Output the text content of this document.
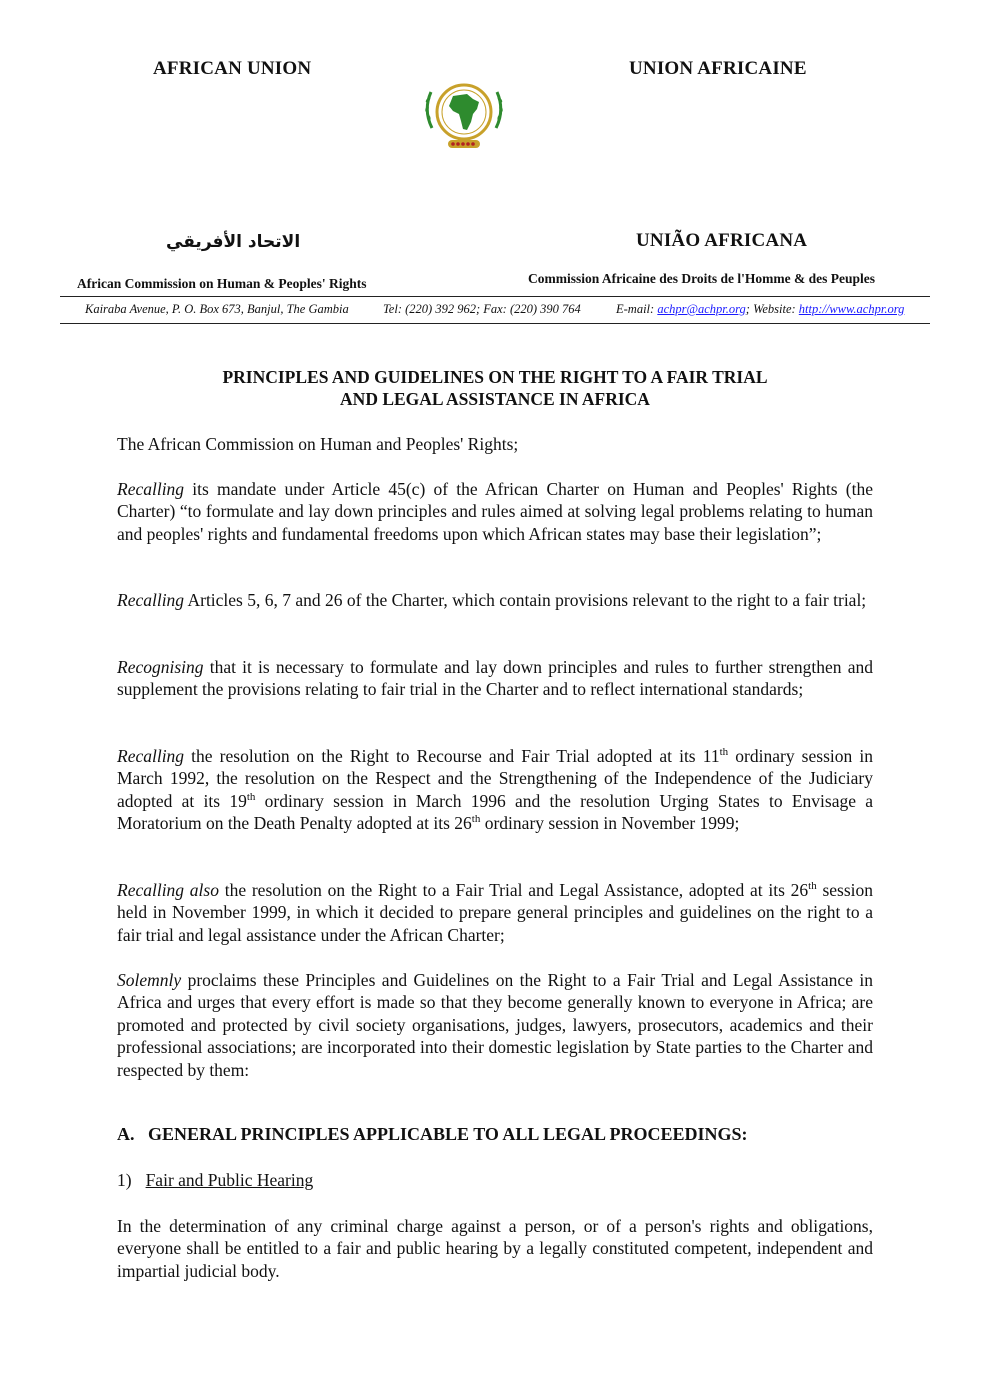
AFRICAN UNION	UNION AFRICAINE
الاتحاد الأفريقي	UNIÃO AFRICANA
African Commission on Human & Peoples' Rights	Commission Africaine des Droits de l'Homme & des Peuples
Kairaba Avenue, P. O. Box 673, Banjul, The Gambia	Tel: (220) 392 962; Fax: (220) 390 764	E-mail: achpr@achpr.org; Website: http://www.achpr.org
PRINCIPLES AND GUIDELINES ON THE RIGHT TO A FAIR TRIAL
AND LEGAL ASSISTANCE IN AFRICA
The African Commission on Human and Peoples' Rights;
Recalling its mandate under Article 45(c) of the African Charter on Human and Peoples' Rights (the Charter) “to formulate and lay down principles and rules aimed at solving legal problems relating to human and peoples' rights and fundamental freedoms upon which African states may base their legislation”;
Recalling Articles 5, 6, 7 and 26 of the Charter, which contain provisions relevant to the right to a fair trial;
Recognising that it is necessary to formulate and lay down principles and rules to further strengthen and supplement the provisions relating to fair trial in the Charter and to reflect international standards;
Recalling the resolution on the Right to Recourse and Fair Trial adopted at its 11th ordinary session in March 1992, the resolution on the Respect and the Strengthening of the Independence of the Judiciary adopted at its 19th ordinary session in March 1996 and the resolution Urging States to Envisage a Moratorium on the Death Penalty adopted at its 26th ordinary session in November 1999;
Recalling also the resolution on the Right to a Fair Trial and Legal Assistance, adopted at its 26th session held in November 1999, in which it decided to prepare general principles and guidelines on the right to a fair trial and legal assistance under the African Charter;
Solemnly proclaims these Principles and Guidelines on the Right to a Fair Trial and Legal Assistance in Africa and urges that every effort is made so that they become generally known to everyone in Africa; are promoted and protected by civil society organisations, judges, lawyers, prosecutors, academics and their professional associations; are incorporated into their domestic legislation by State parties to the Charter and respected by them:
A.   GENERAL PRINCIPLES APPLICABLE TO ALL LEGAL PROCEEDINGS:
1) Fair and Public Hearing
In the determination of any criminal charge against a person, or of a person's rights and obligations, everyone shall be entitled to a fair and public hearing by a legally constituted competent, independent and impartial judicial body.
